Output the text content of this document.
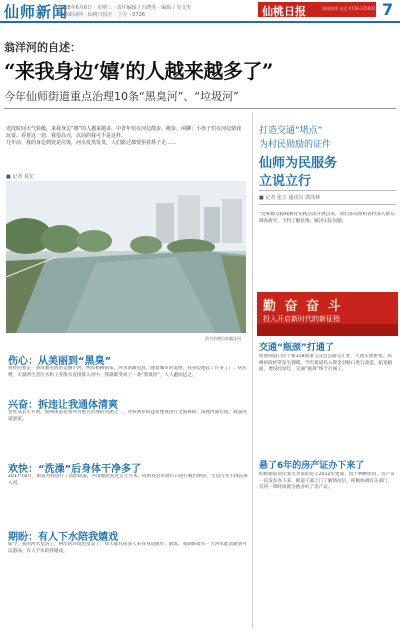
仙师新闻
2018年6月6日 · 星期三 · 责任编辑 / 冯晓英 · 编辑 / 吴文杰
仙师新闻网 · 仙桃日报社 · 主办 · 0726	仙桃日报	新闻热线 电话 0728-3356011 7
翁洋河的自述：
“来我身边‘嬉’的人越来越多了”
今年仙师街道重点治理10条“黑臭河”、“垃圾河”
近段时间天气转暖，来我身边“嬉”的人越来越多，中青年们在河边散步、跑步、闲聊；小孩子们在河边嬉戏玩耍。看着这一切，我很高兴，以前的我可不是这样。
几年前，我的身边到处是垃圾，河水发黑发臭，人们路过都要捂着鼻子走……
■ 记者 易宏
图为治理后的翁洋河
伤心：从美丽到“黑臭”
曾经的我是一条清澈见底的美丽小河，两岸杨柳依依，河水清澈见底。随着城市的发展，我身边建起了许多工厂、居民楼，大量的生活污水和工业废水直接排入河中，我渐渐变成了一条“黑臭河”，人人避而远之。
兴奋：拆违让我通体清爽
变化从去年开始。仙师街道把我列为重点治理的河流之一，对我两岸的违章建筑进行全面拆除，清理河面垃圾，疏浚河道淤泥。
欢快：“洗澡”后身体干净多了
2017年8月，街道对我进行了清淤疏浚，共清理淤泥近万立方米。同时对沿岸排污口进行截污纳管，生活污水不再直排入河。
期盼：有人下水陪我嬉戏
如今，我的河水变清了，两岸的环境也变美了，每天都有很多人来我身边散步、锻炼。我期盼着有一天河水能清澈到可以游泳，有人下水陪我嬉戏。
打造交通“堵点”
为村民勋励的证件
仙师为民服务
立说立行
■ 记者 张立 通讯员 郭泽林
“党和群众路线教育实践活动开展以来，我们多次组织各村深入群众调查研究，下村了解民情、解决实际问题。
勤 奋 奋 斗
投入开启新时代的新征程
交通“瓶颈”打通了
原仙师道口位于新318国道与汉宜公路交汇处，人流车流密集，高峰时段经常发生拥堵。今年街道投入资金对路口进行改造，拓宽路面，增设红绿灯，交通“瓶颈”终于打通了。
悬了6年的房产证办下来了
仙师街道居民张大爷家的房子2012年建成，由于种种原因，房产证一直没有办下来。街道干部上门了解情况后，积极协调有关部门，仅用一周时间就为他办好了房产证。
